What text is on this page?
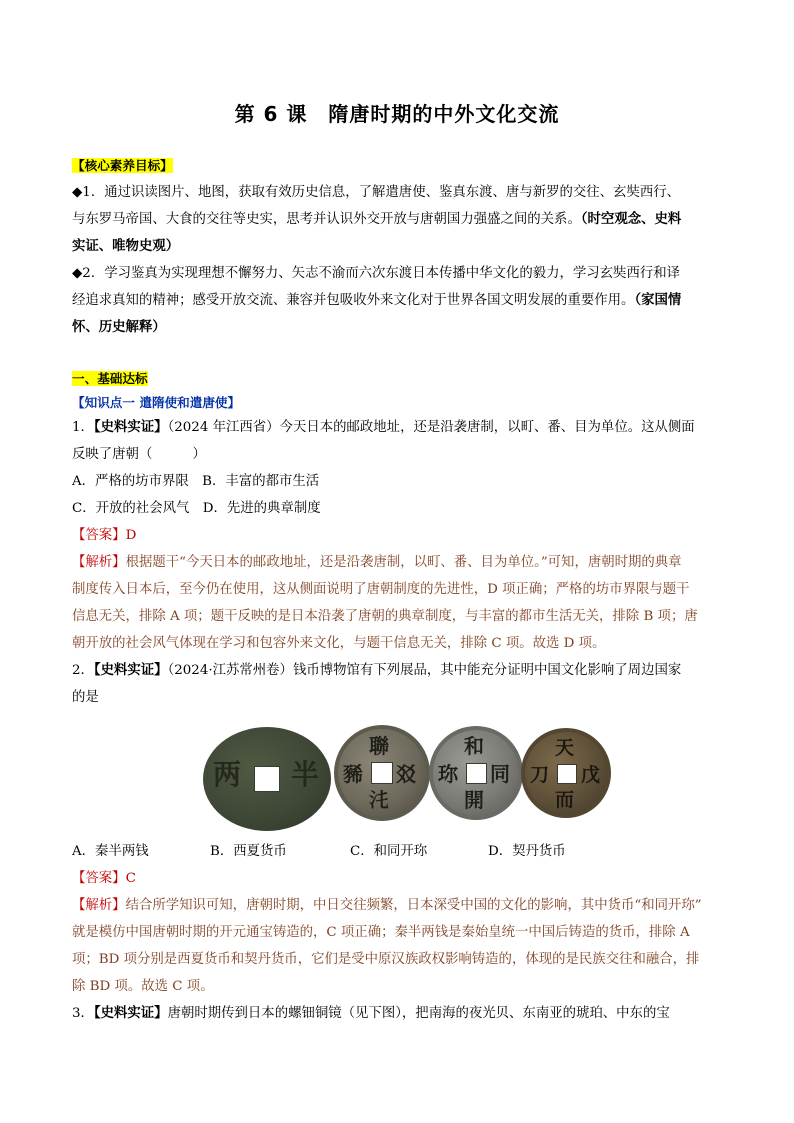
第 6 课　隋唐时期的中外文化交流
【核心素养目标】
◆1．通过识读图片、地图，获取有效历史信息，了解遣唐使、鉴真东渡、唐与新罗的交往、玄奘西行、
与东罗马帝国、大食的交往等史实，思考并认识外交开放与唐朝国力强盛之间的关系。（时空观念、史料
实证、唯物史观）
◆2．学习鉴真为实现理想不懈努力、矢志不渝而六次东渡日本传播中华文化的毅力，学习玄奘西行和译
经追求真知的精神；感受开放交流、兼容并包吸收外来文化对于世界各国文明发展的重要作用。（家国情
怀、历史解释）
一、基础达标
【知识点一 遣隋使和遣唐使】
1．【史料实证】（2024 年江西省）今天日本的邮政地址，还是沿袭唐制，以町、番、目为单位。这从侧面
反映了唐朝（　　　）
A．严格的坊市界限　B．丰富的都市生活
C．开放的社会风气　D．先进的典章制度
【答案】D
【解析】根据题干“今天日本的邮政地址，还是沿袭唐制，以町、番、目为单位。”可知，唐朝时期的典章
制度传入日本后，至今仍在使用，这从侧面说明了唐朝制度的先进性，D 项正确；严格的坊市界限与题干
信息无关，排除 A 项；题干反映的是日本沿袭了唐朝的典章制度，与丰富的都市生活无关，排除 B 项；唐
朝开放的社会风气体现在学习和包容外来文化，与题干信息无关，排除 C 项。故选 D 项。
2．【史料实证】（2024·江苏常州卷）钱币博物馆有下列展品，其中能充分证明中国文化影响了周边国家
的是
两 半
聯
豨 㸚
𣲃
和
珎 同
開
天
刀 戊
而
A．秦半两钱	B．西夏货币	C．和同开珎	D．契丹货币
【答案】C
【解析】结合所学知识可知，唐朝时期，中日交往频繁，日本深受中国的文化的影响，其中货币“和同开珎”
就是模仿中国唐朝时期的开元通宝铸造的，C 项正确；秦半两钱是秦始皇统一中国后铸造的货币，排除 A
项；BD 项分别是西夏货币和契丹货币，它们是受中原汉族政权影响铸造的，体现的是民族交往和融合，排
除 BD 项。故选 C 项。
3．【史料实证】唐朝时期传到日本的螺钿铜镜（见下图），把南海的夜光贝、东南亚的琥珀、中东的宝
